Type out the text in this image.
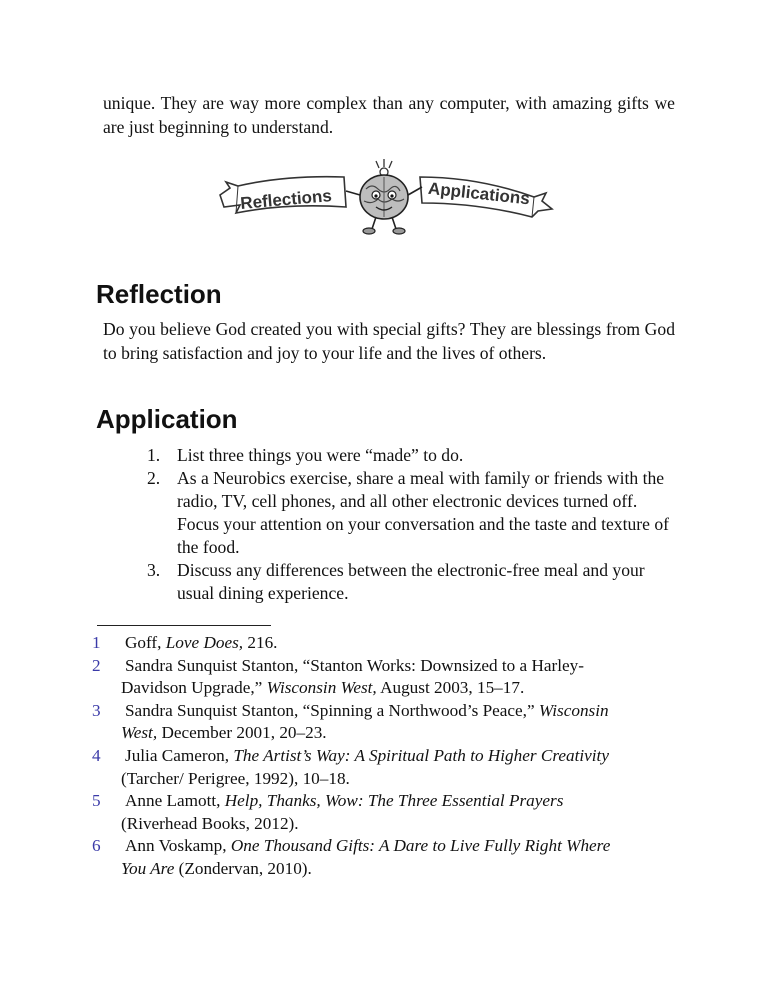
unique. They are way more complex than any computer, with amazing gifts we are just beginning to understand.

Reflections	Applications
Reflection

Do you believe God created you with special gifts? They are blessings from God to bring satisfaction and joy to your life and the lives of others.

Application
1. List three things you were “made” to do.
2. As a Neurobics exercise, share a meal with family or friends with the radio, TV, cell phones, and all other electronic devices turned off. Focus your attention on your conversation and the taste and texture of the food.
3. Discuss any differences between the electronic-free meal and your usual dining experience.
1	Goff, Love Does, 216.
2	Sandra Sunquist Stanton, “Stanton Works: Downsized to a Harley-
Davidson Upgrade,” Wisconsin West, August 2003, 15–17.
3	Sandra Sunquist Stanton, “Spinning a Northwood’s Peace,” Wisconsin
West, December 2001, 20–23.
4	Julia Cameron, The Artist’s Way: A Spiritual Path to Higher Creativity
(Tarcher/ Perigree, 1992), 10–18.
5	Anne Lamott, Help, Thanks, Wow: The Three Essential Prayers
(Riverhead Books, 2012).
6	Ann Voskamp, One Thousand Gifts: A Dare to Live Fully Right Where
You Are (Zondervan, 2010).
